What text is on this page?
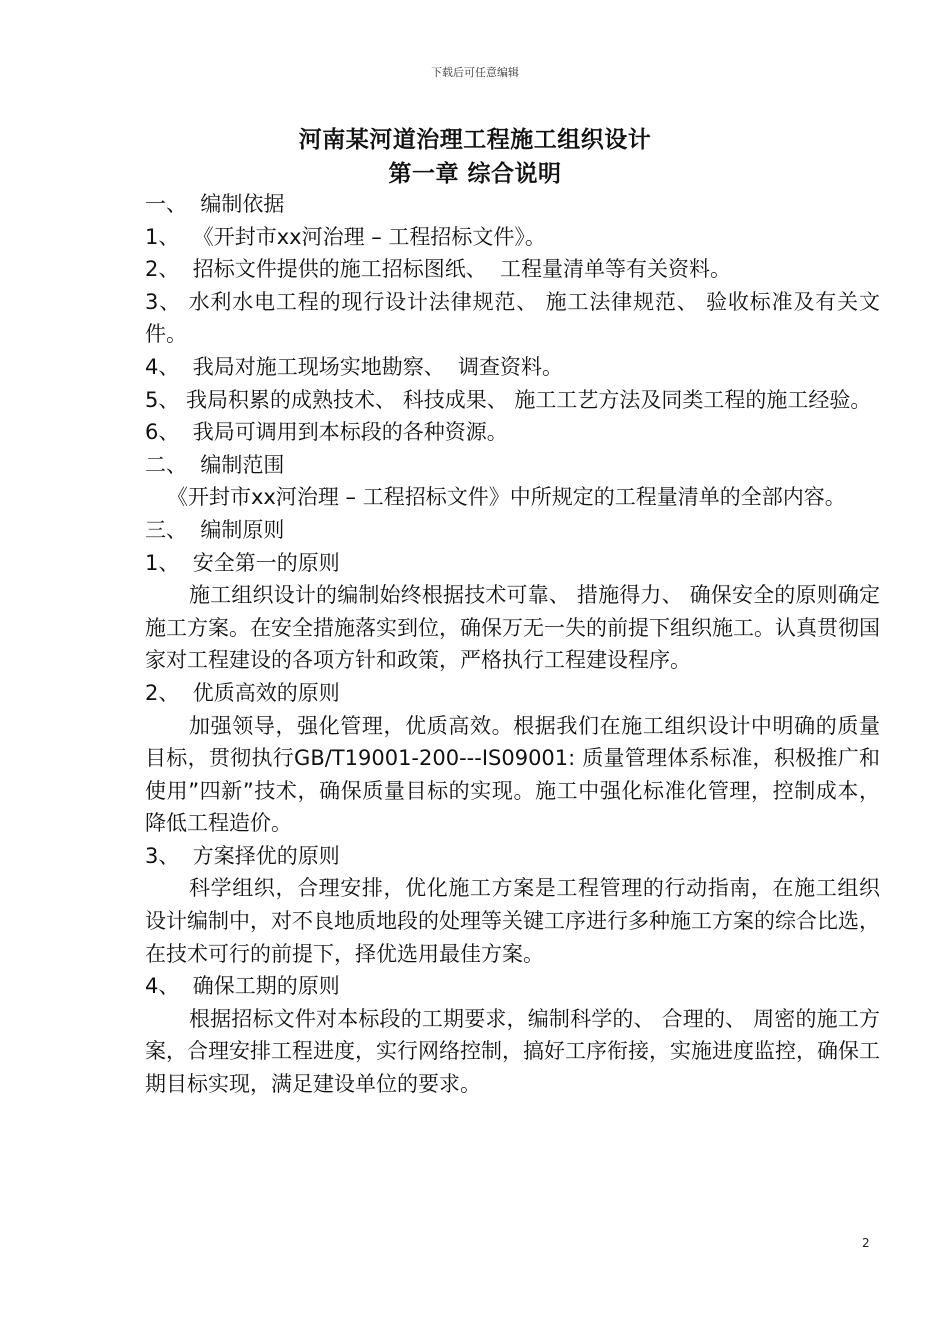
下载后可任意编辑
河南某河道治理工程施工组织设计
第一章 综合说明
一、  编制依据
1、  《开封市xx河治理 – 工程招标文件》。
2、  招标文件提供的施工招标图纸、  工程量清单等有关资料。
3、 水利水电工程的现行设计法律规范、 施工法律规范、 验收标准及有关文件。
4、  我局对施工现场实地勘察、  调查资料。
5、 我局积累的成熟技术、 科技成果、 施工工艺方法及同类工程的施工经验。
6、  我局可调用到本标段的各种资源。
二、  编制范围
《开封市xx河治理 – 工程招标文件》中所规定的工程量清单的全部内容。
三、  编制原则
1、  安全第一的原则
施工组织设计的编制始终根据技术可靠、 措施得力、 确保安全的原则确定施工方案。在安全措施落实到位，确保万无一失的前提下组织施工。认真贯彻国家对工程建设的各项方针和政策，严格执行工程建设程序。
2、  优质高效的原则
加强领导，强化管理，优质高效。根据我们在施工组织设计中明确的质量目标，贯彻执行GB/T19001-200---IS09001: 质量管理体系标准，积极推广和使用”四新”技术，确保质量目标的实现。施工中强化标准化管理，控制成本，降低工程造价。
3、  方案择优的原则
科学组织，合理安排，优化施工方案是工程管理的行动指南，在施工组织设计编制中，对不良地质地段的处理等关键工序进行多种施工方案的综合比选，在技术可行的前提下，择优选用最佳方案。
4、  确保工期的原则
根据招标文件对本标段的工期要求，编制科学的、 合理的、 周密的施工方案，合理安排工程进度，实行网络控制，搞好工序衔接，实施进度监控，确保工期目标实现，满足建设单位的要求。
2
